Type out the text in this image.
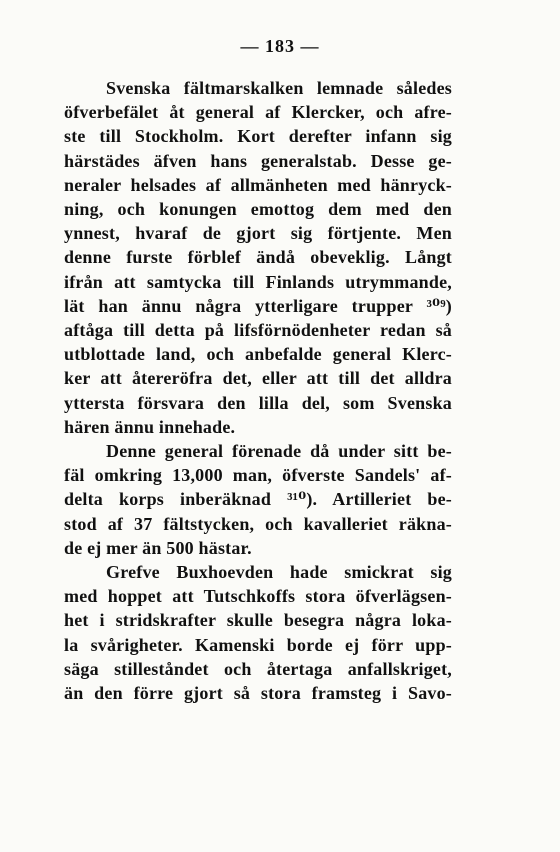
— 183 —
Svenska fältmarskalken lemnade således
öfverbefälet åt general af Klercker, och afre-
ste till Stockholm. Kort derefter infann sig
härstädes äfven hans generalstab. Desse ge-
neraler helsades af allmänheten med hänryck-
ning, och konungen emottog dem med den
ynnest, hvaraf de gjort sig förtjente. Men
denne furste förblef ändå obeveklig. Långt
ifrån att samtycka till Finlands utrymmande,
lät han ännu några ytterligare trupper ³⁰⁹)
aftåga till detta på lifsförnödenheter redan så
utblottade land, och anbefalde general Klerc-
ker att återeröfra det, eller att till det alldra
yttersta försvara den lilla del, som Svenska
hären ännu innehade.
Denne general förenade då under sitt be-
fäl omkring 13,000 man, öfverste Sandels' af-
delta korps inberäknad ³¹⁰). Artilleriet be-
stod af 37 fältstycken, och kavalleriet räkna-
de ej mer än 500 hästar.
Grefve Buxhoevden hade smickrat sig
med hoppet att Tutschkoffs stora öfverlägsen-
het i stridskrafter skulle besegra några loka-
la svårigheter. Kamenski borde ej förr upp-
säga stilleståndet och återtaga anfallskriget,
än den förre gjort så stora framsteg i Savo-
